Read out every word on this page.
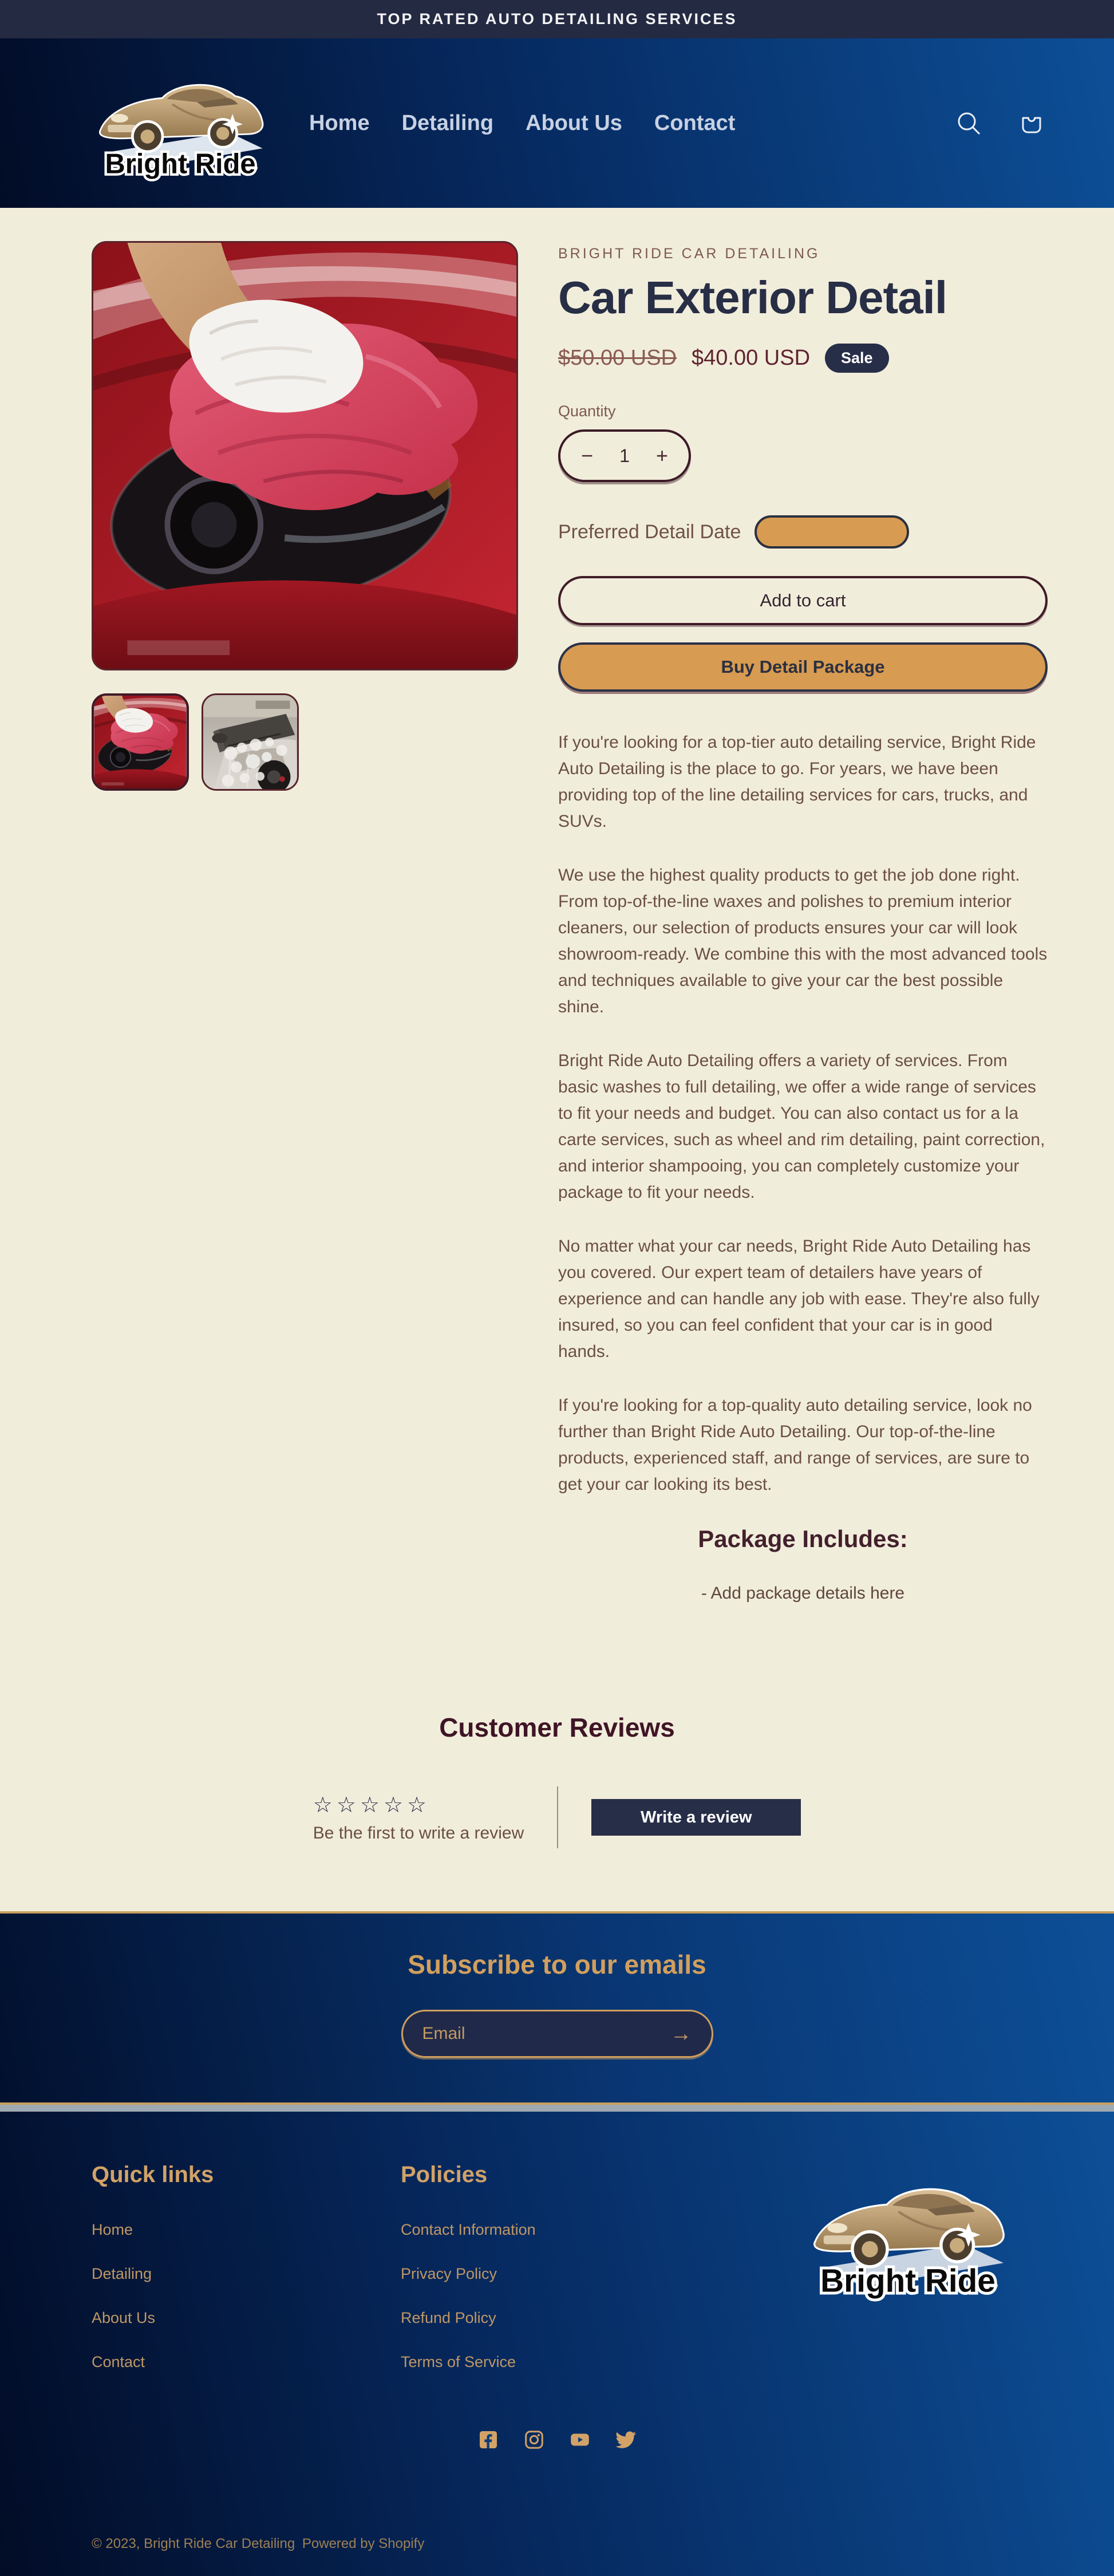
TOP RATED AUTO DETAILING SERVICES
Bright Ride
Home Detailing About Us Contact
BRIGHT RIDE CAR DETAILING
Car Exterior Detail
$50.00 USD $40.00 USD	Sale
Quantity
− 1 +
Preferred Detail Date
Add to cart
Buy Detail Package

If you're looking for a top-tier auto detailing service, Bright Ride Auto Detailing is the place to go. For years, we have been providing top of the line detailing services for cars, trucks, and SUVs.

We use the highest quality products to get the job done right. From top-of-the-line waxes and polishes to premium interior cleaners, our selection of products ensures your car will look showroom-ready. We combine this with the most advanced tools and techniques available to give your car the best possible shine.

Bright Ride Auto Detailing offers a variety of services. From basic washes to full detailing, we offer a wide range of services to fit your needs and budget. You can also contact us for a la carte services, such as wheel and rim detailing, paint correction, and interior shampooing, you can completely customize your package to fit your needs.

No matter what your car needs, Bright Ride Auto Detailing has you covered. Our expert team of detailers have years of experience and can handle any job with ease. They're also fully insured, so you can feel confident that your car is in good hands.

If you're looking for a top-quality auto detailing service, look no further than Bright Ride Auto Detailing. Our top-of-the-line products, experienced staff, and range of services, are sure to get your car looking its best.

Package Includes:
- Add package details here
Customer Reviews
☆☆☆☆☆
Be the first to write a review
Write a review
Subscribe to our emails
Email
→
Quick links
Home
Detailing
About Us
Contact
Policies
Contact Information
Privacy Policy
Refund Policy
Terms of Service
Bright Ride
© 2023, Bright Ride Car Detailing Powered by Shopify
